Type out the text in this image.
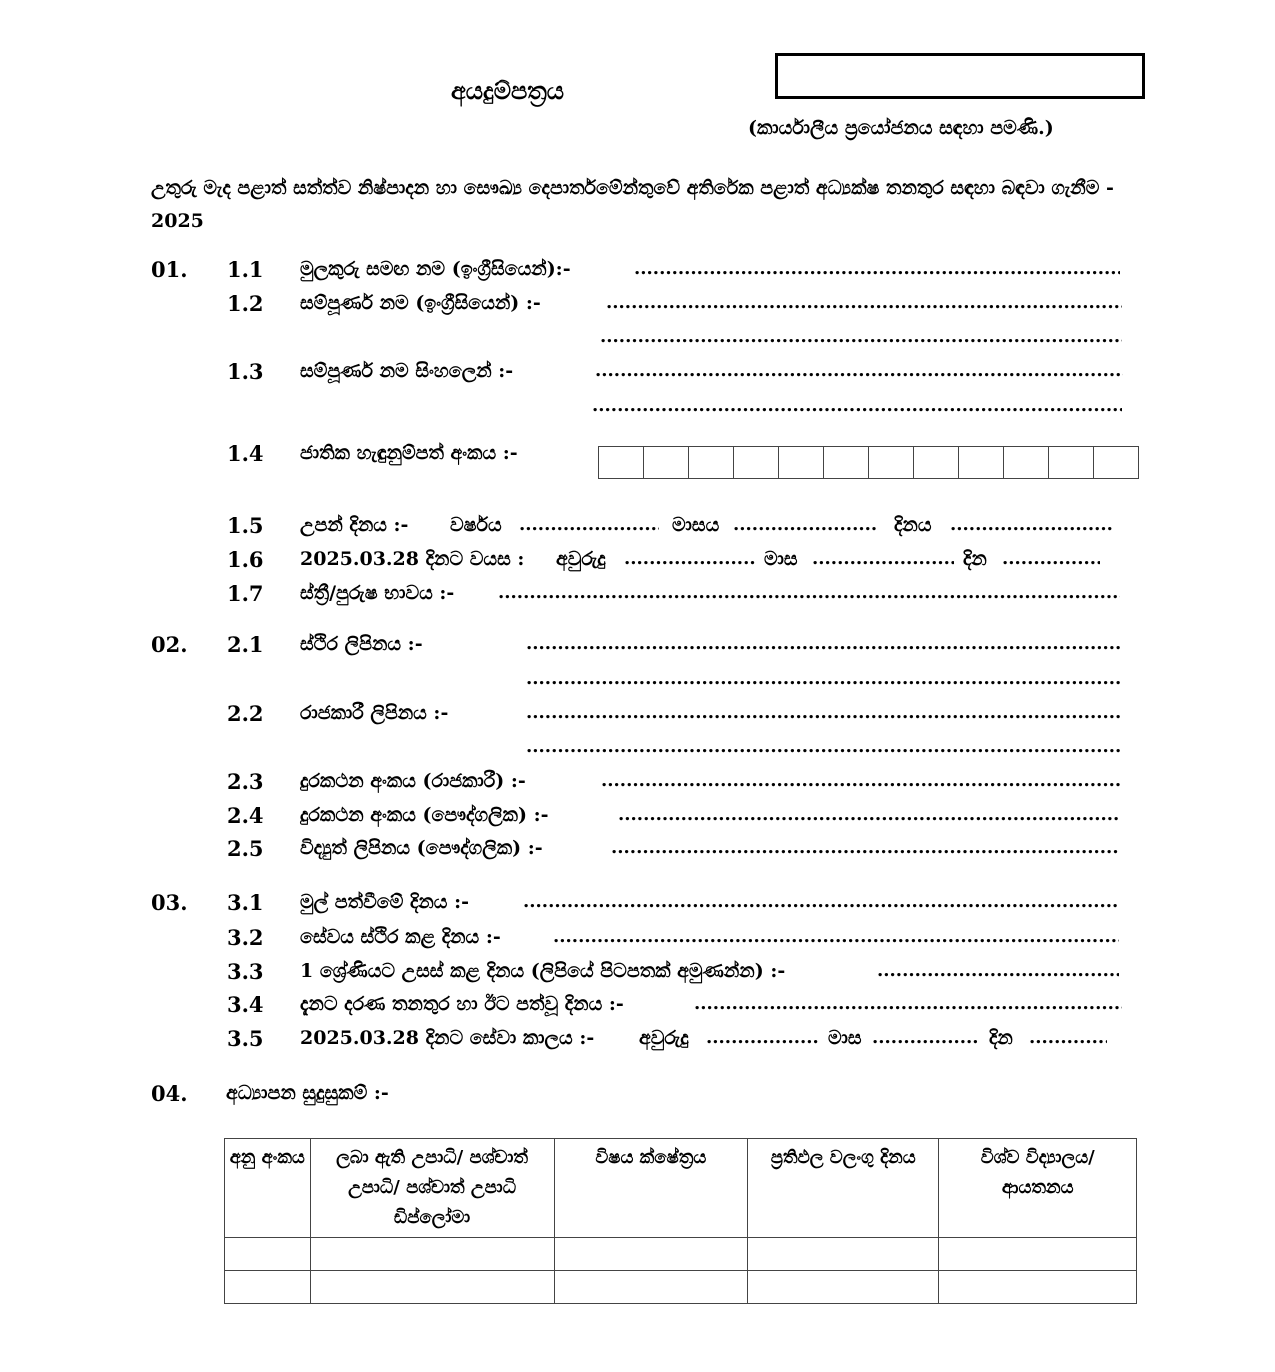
අයදුම්පත්‍රය
(කාර්යාලීය ප්‍රයෝජනය සඳහා පමණි.)
උතුරු මැද පළාත් සත්ත්ව නිෂ්පාදන හා සෞඛ්‍ය දෙපාර්තමේන්තුවේ අතිරේක පළාත් අධ්‍යක්ෂ තනතුර සඳහා බඳවා ගැනීම - 2025
01. 1.1 මුලකුරු සමඟ නම (ඉංග්‍රීසියෙන්):-
.....
1.2 සම්පූර්ණ නම (ඉංග්‍රීසියෙන්) :-
.....
.....
1.3 සම්පූර්ණ නම සිංහලෙන් :-
.....
.....
1.4 ජාතික හැඳුනුම්පත් අංකය :-
1.5 උපන් දිනය :- වර්ෂය .....	මාසය .....	දිනය
.....
1.6 2025.03.28 දිනට වයස : අවුරුදු .....	මාස .....	දින
.....
1.7 ස්ත්‍රී/පුරුෂ භාවය :-
.....
02. 2.1 ස්ථිර ලිපිනය :-
.....
.....
2.2 රාජකාරී ලිපිනය :-
.....
.....
2.3 දුරකථන අංකය (රාජකාරී) :-
.....
2.4 දුරකථන අංකය (පෞද්ගලික) :-
.....
2.5 විද්‍යුත් ලිපිනය (පෞද්ගලික) :-
.....
03. 3.1 මුල් පත්වීමේ දිනය :-
.....
3.2 සේවය ස්ථිර කළ දිනය :-
.....
3.3 1 ශ්‍රේණියට උසස් කළ දිනය (ලිපියේ පිටපතක් අමුණන්න) :-
.....
3.4 දැනට දරණ තනතුර හා ඊට පත්වූ දිනය :-
.....
3.5 2025.03.28 දිනට සේවා කාලය :- අවුරුදු .....	මාස .....	දින
.....
04. අධ්‍යාපන සුදුසුකම් :-
අනු අංකය	ලබා ඇති උපාධි/ පශ්චාත් උපාධි/ පශ්චාත් උපාධි ඩිප්ලෝමා	විෂය ක්ෂේත්‍රය	ප්‍රතිඵල වලංගු දිනය	විශ්ව විද්‍යාලය/ ආයතනය
